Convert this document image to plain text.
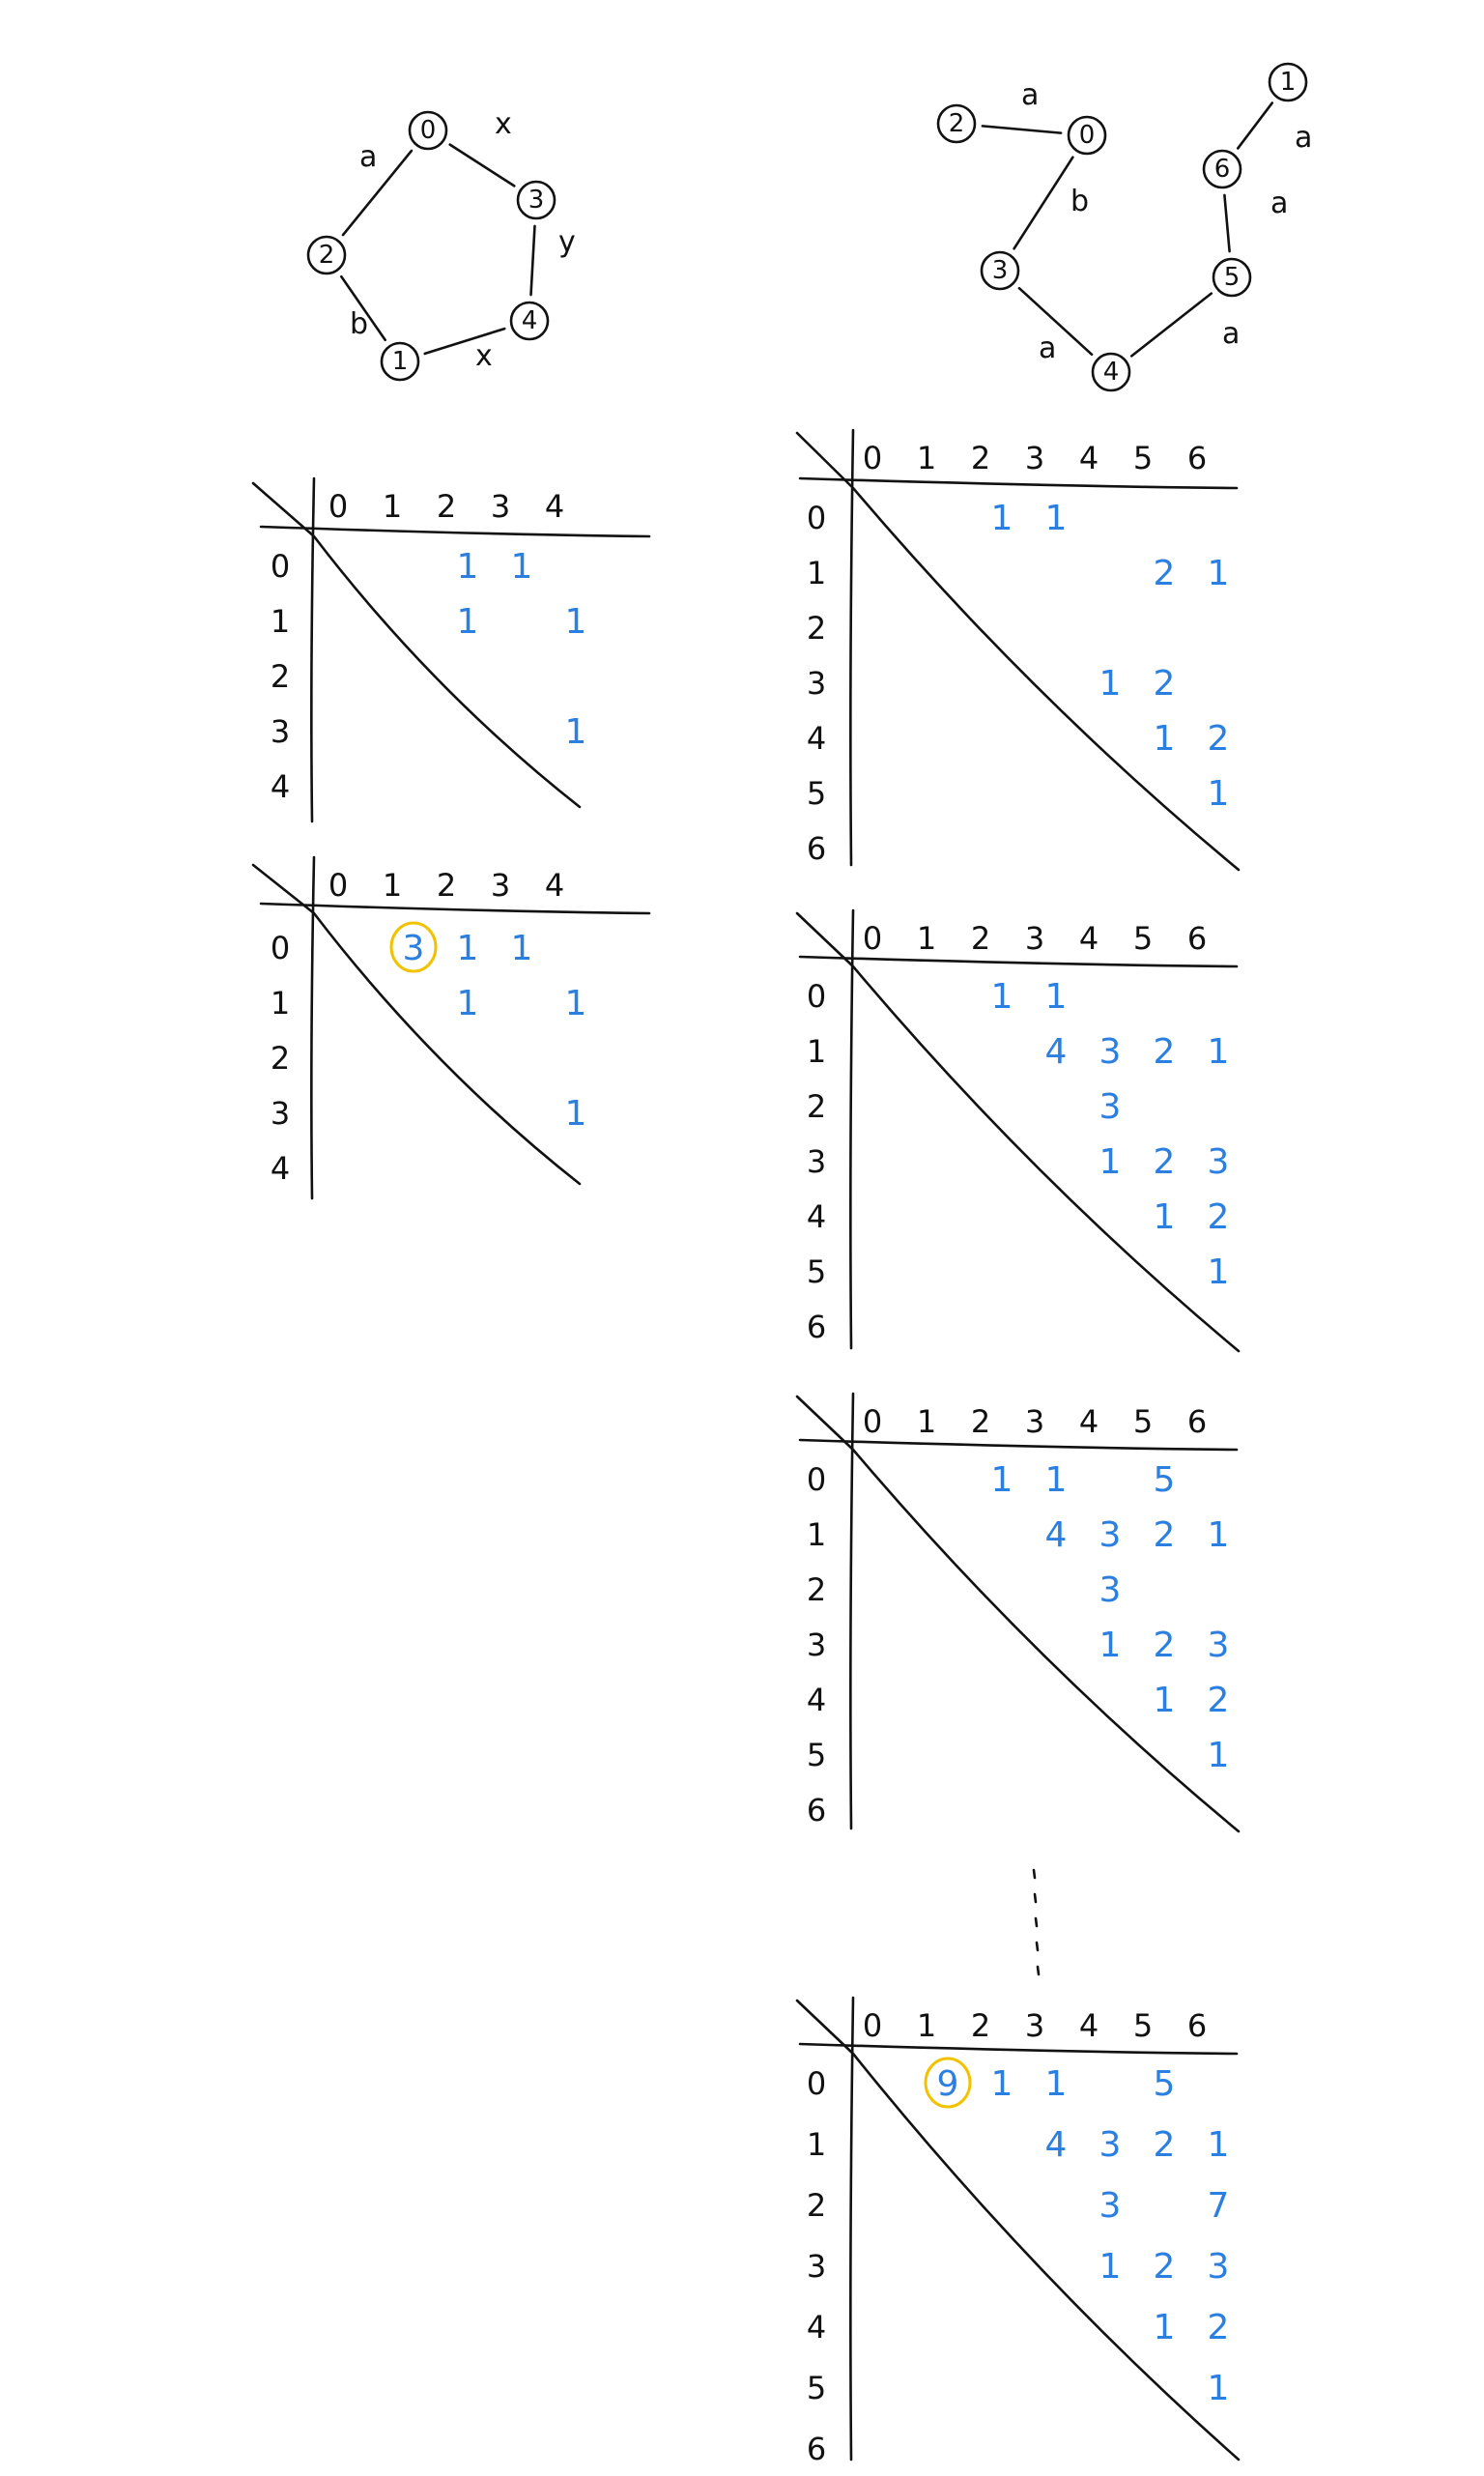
x
y
x
b
a
0
3
4
1
2
a
b
a	a
a
a
2	0
3
4
5
6
1
0 1 2 3 4
0
1
2
3
4
1 1
1 1
1
0 1 2 3 4
0
1
2
3
4
3 1 1
1 1
1
0 1 2 3 4 5 6
0
1
2
3
4
5
6
1 1
2 1
1 2
1 2
1
0 1 2 3 4 5 6
0
1
2
3
4
5
6
1 1
4 3 2 1
3
1 2 3
1 2
1
0 1 2 3 4 5 6
0
1
2
3
4
5
6
1 1 5
4 3 2 1
3
1 2 3
1 2
1
0 1 2 3 4 5 6
0
1
2
3
4
5
6
9 1 1 5
4 3 2 1
3 7
1 2 3
1 2
1
